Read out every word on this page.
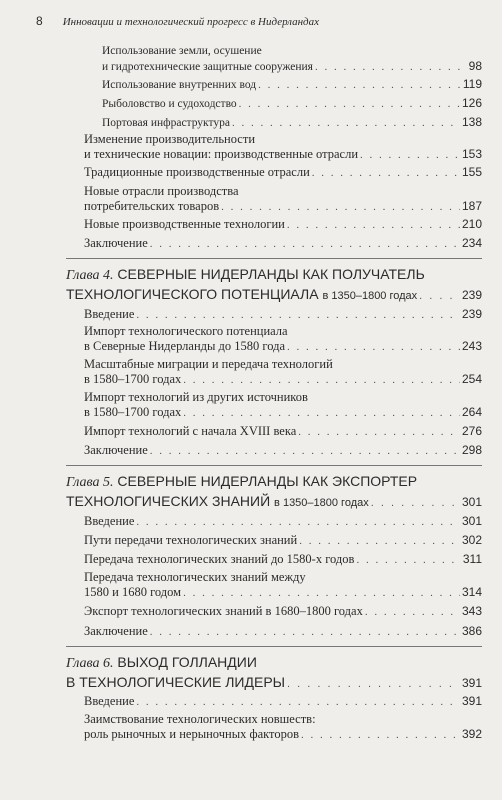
8 Инновации и технологический прогресс в Нидерландах
Использование земли, осушение
и гидротехнические защитные сооружения . . .	98
Использование внутренних вод . . .	119
Рыболовство и судоходство . . .	126
Портовая инфраструктура . . .	138
Изменение производительности
и технические новации: производственные отрасли . . .	153
Традиционные производственные отрасли . . .	155
Новые отрасли производства
потребительских товаров . . .	187
Новые производственные технологии . . .	210
Заключение . . .	234
Глава 4. СЕВЕРНЫЕ НИДЕРЛАНДЫ КАК ПОЛУЧАТЕЛЬ
ТЕХНОЛОГИЧЕСКОГО ПОТЕНЦИАЛА в 1350–1800 годах . . .	239
Введение . . .	239
Импорт технологического потенциала
в Северные Нидерланды до 1580 года . . .	243
Масштабные миграции и передача технологий
в 1580–1700 годах . . .	254
Импорт технологий из других источников
в 1580–1700 годах . . .	264
Импорт технологий с начала XVIII века . . .	276
Заключение . . .	298
Глава 5. СЕВЕРНЫЕ НИДЕРЛАНДЫ КАК ЭКСПОРТЕР
ТЕХНОЛОГИЧЕСКИХ ЗНАНИЙ в 1350–1800 годах . . .	301
Введение . . .	301
Пути передачи технологических знаний . . .	302
Передача технологических знаний до 1580-х годов . . .	311
Передача технологических знаний между
1580 и 1680 годом . . .	314
Экспорт технологических знаний в 1680–1800 годах . . .	343
Заключение . . .	386
Глава 6. ВЫХОД ГОЛЛАНДИИ
В ТЕХНОЛОГИЧЕСКИЕ ЛИДЕРЫ . . .	391
Введение . . .	391
Заимствование технологических новшеств:
роль рыночных и нерыночных факторов . . .	392
